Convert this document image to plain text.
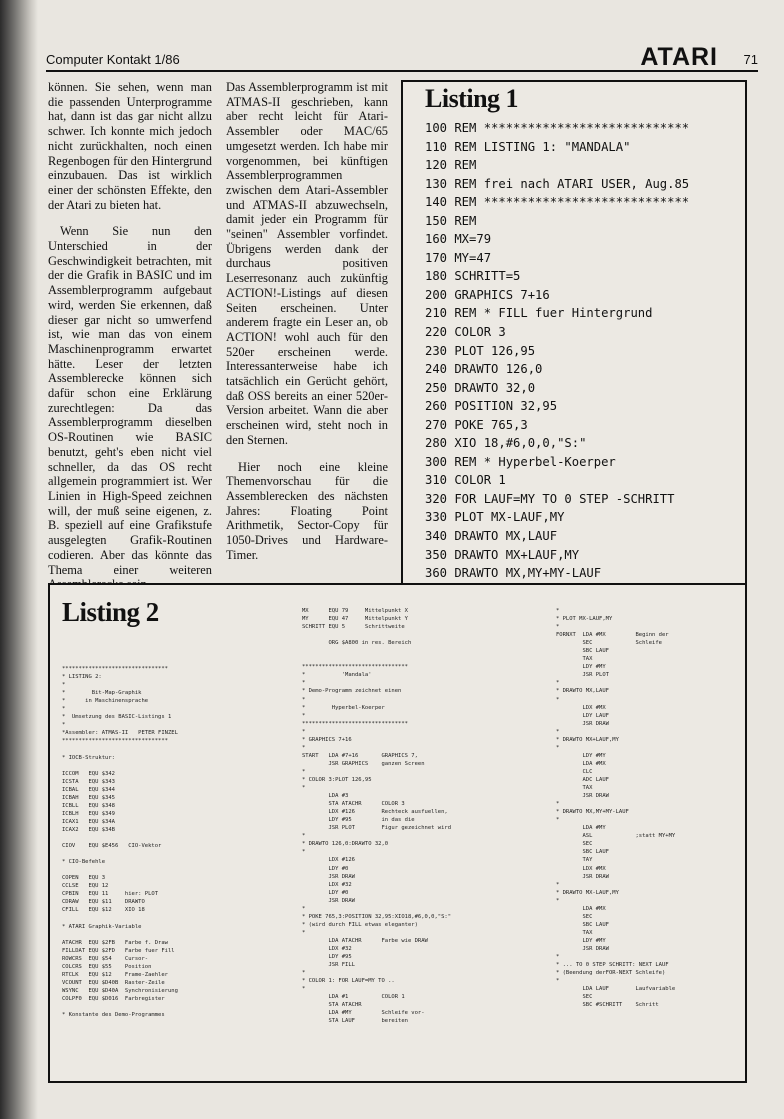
Computer Kontakt 1/86	ATARI 71

können. Sie sehen, wenn man die passenden Unterprogramme hat, dann ist das gar nicht allzu schwer. Ich konnte mich jedoch nicht zurückhalten, noch einen Regenbogen für den Hintergrund einzubauen. Das ist wirklich einer der schönsten Effekte, den der Atari zu bieten hat.

Wenn Sie nun den Unterschied in der Geschwindigkeit betrachten, mit der die Grafik in BASIC und im Assemblerprogramm aufgebaut wird, werden Sie erkennen, daß dieser gar nicht so umwerfend ist, wie man das von einem Maschinenprogramm erwartet hätte. Leser der letzten Assemblerecke können sich dafür schon eine Erklärung zurechtlegen: Da das Assemblerprogramm dieselben OS-Routinen wie BASIC benutzt, geht's eben nicht viel schneller, da das OS recht allgemein programmiert ist. Wer Linien in High-Speed zeichnen will, der muß seine eigenen, z. B. speziell auf eine Grafikstufe ausgelegten Grafik-Routinen codieren. Aber das könnte das Thema einer weiteren

Das Assemblerprogramm ist mit ATMAS-II geschrieben, kann aber recht leicht für Atari-Assembler oder MAC/65 umgesetzt werden. Ich habe mir vorgenommen, bei künftigen Assemblerprogrammen zwischen dem Atari-Assembler und ATMAS-II abzuwechseln, damit jeder ein Programm für "seinen" Assembler vorfindet. Übrigens werden dank der durchaus positiven Leserresonanz auch zukünftig ACTION!-Listings auf diesen Seiten erscheinen. Unter anderem fragte ein Leser an, ob ACTION! wohl auch für den 520er erscheinen werde. Interessanterweise habe ich tatsächlich ein Gerücht gehört, daß OSS bereits an einer 520er-Version arbeitet. Wann die aber erscheinen wird, steht noch in den Sternen.

Hier noch eine kleine Themenvorschau für die Assemblerecken des nächsten Jahres: Floating Point Arithmetik, Sector-Copy für 1050-Drives und Hardware-Timer.

Listing 1
100 REM ****************************
110 REM LISTING 1: "MANDALA"
120 REM
130 REM frei nach ATARI USER, Aug.85
140 REM ****************************
150 REM
160 MX=79
170 MY=47
180 SCHRITT=5
200 GRAPHICS 7+16
210 REM * FILL fuer Hintergrund
220 COLOR 3
230 PLOT 126,95
240 DRAWTO 126,0
250 DRAWTO 32,0
260 POSITION 32,95
270 POKE 765,3
280 XIO 18,#6,0,0,"S:"
300 REM * Hyperbel-Koerper
310 COLOR 1
320 FOR LAUF=MY TO 0 STEP -SCHRITT
330 PLOT MX-LAUF,MY
340 DRAWTO MX,LAUF
350 DRAWTO MX+LAUF,MY
360 DRAWTO MX,MY+MY-LAUF

Listing 2
********************************
* LISTING 2:
*
*        Bit-Map-Graphik
*      in Maschinensprache
*
*  Umsetzung des BASIC-Listings 1
*
*Assembler: ATMAS-II   PETER FINZEL
********************************

* IOCB-Struktur:

ICCOM   EQU $342
ICSTA   EQU $343
ICBAL   EQU $344
ICBAH   EQU $345
ICBLL   EQU $348
ICBLH   EQU $349
ICAX1   EQU $34A
ICAX2   EQU $34B

CIOV    EQU $E456   CIO-Vektor

* CIO-Befehle

COPEN   EQU 3
CCLSE   EQU 12
CPBIN   EQU 11     hier: PLOT
CDRAW   EQU $11    DRAWTO
CFILL   EQU $12    XIO 18

* ATARI Graphik-Variable

ATACHR  EQU $2FB   Farbe f. Draw
FILLDAT EQU $2FD   Farbe fuer Fill
ROWCRS  EQU $54    Cursor-
COLCRS  EQU $55    Position
RTCLK   EQU $12    Frame-Zaehler
VCOUNT  EQU $D40B  Raster-Zeile
WSYNC   EQU $D40A  Synchronisierung
COLPF0  EQU $D016  Farbregister

* Konstante des Demo-Programmes
MX      EQU 79     Mittelpunkt X
MY      EQU 47     Mittelpunkt Y
SCHRITT EQU 5      Schrittweite

ORG $A800 in res. Bereich

********************************
*           'Mandala'
*
* Demo-Programm zeichnet einen
*
*        Hyperbel-Koerper
*
********************************
*
* GRAPHICS 7+16
*
START   LDA #7+16       GRAPHICS 7,
JSR GRAPHICS    ganzen Screen
*
* COLOR 3:PLOT 126,95
*
LDA #3
STA ATACHR      COLOR 3
LDX #126        Rechteck ausfuellen,
LDY #95         in das die
JSR PLOT        Figur gezeichnet wird
*
* DRAWTO 126,0:DRAWTO 32,0
*
LDX #126
LDY #0
JSR DRAW
LDX #32
LDY #0
JSR DRAW
*
* POKE 765,3:POSITION 32,95:XIO18,#6,0,0,"S:"
* (wird durch FILL etwas eleganter)
*
LDA ATACHR      Farbe wie DRAW
LDX #32
LDY #95
JSR FILL
*
* COLOR 1: FOR LAUF=MY TO ..
*
LDA #1          COLOR 1
STA ATACHR
LDA #MY         Schleife vor-
STA LAUF        bereiten
*
* PLOT MX-LAUF,MY
*
FORNXT  LDA #MX         Beginn der
SEC             Schleife
SBC LAUF
TAX
LDY #MY
JSR PLOT
*
* DRAWTO MX,LAUF
*
LDX #MX
LDY LAUF
JSR DRAW
*
* DRAWTO MX+LAUF,MY
*
LDY #MY
LDA #MX
CLC
ADC LAUF
TAX
JSR DRAW
*
* DRAWTO MX,MY+MY-LAUF
*
LDA #MY
ASL             ;statt MY+MY
SEC
SBC LAUF
TAY
LDX #MX
JSR DRAW
*
* DRAWTO MX-LAUF,MY
*
LDA #MX
SEC
SBC LAUF
TAX
LDY #MY
JSR DRAW
*
* ... TO 0 STEP SCHRITT: NEXT LAUF
* (Beendung derFOR-NEXT Schleife)
*
LDA LAUF        Laufvariable
SEC
SBC #SCHRITT    Schritt
